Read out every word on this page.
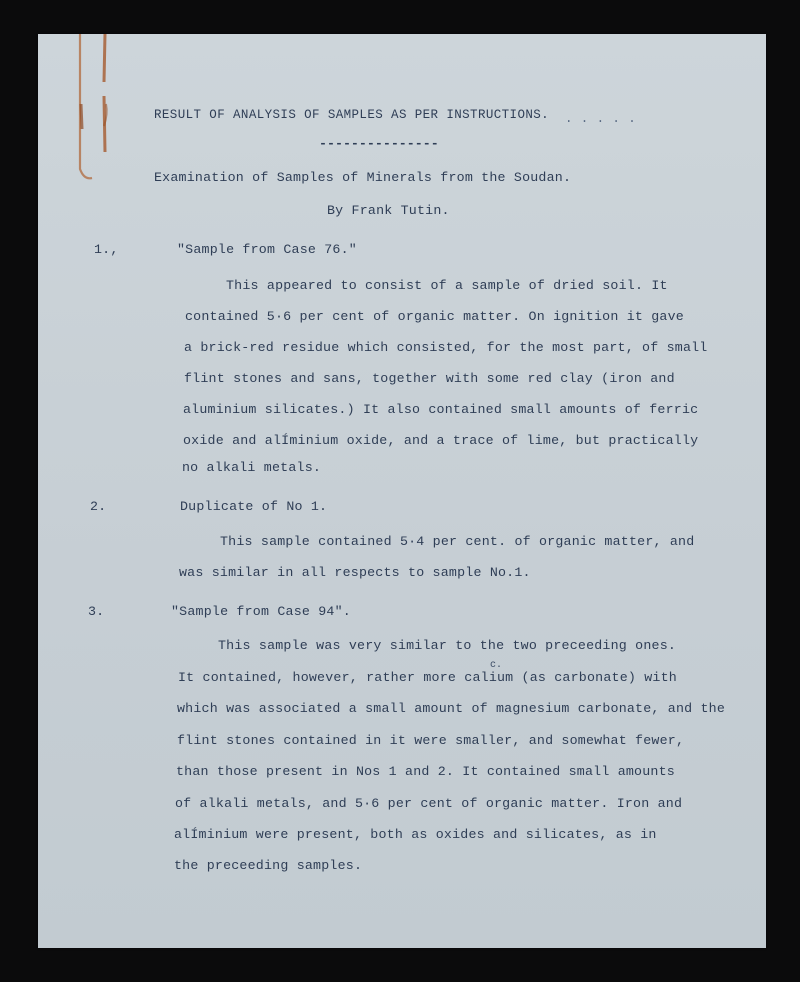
RESULT OF ANALYSIS OF SAMPLES AS PER INSTRUCTIONS. . . . . .
---------------
Examination of Samples of Minerals from the Soudan.
By Frank Tutin.
1.,	"Sample from Case 76."
This appeared to consist of a sample of dried soil. It
contained 5·6 per cent of organic matter. On ignition it gave
a brick-red residue which consisted, for the most part, of small
flint stones and sans, together with some red clay (iron and
aluminium silicates.) It also contained small amounts of ferric
oxide and alÍminium oxide, and a trace of lime, but practically
no alkali metals.
2.	Duplicate of No 1.
This sample contained 5·4 per cent. of organic matter, and
was similar in all respects to sample No.1.
3.	"Sample from Case 94".
This sample was very similar to the two preceeding ones.
It contained, however, rather more calium (as carbonate) with
c.
which was associated a small amount of magnesium carbonate, and the
flint stones contained in it were smaller, and somewhat fewer,
than those present in Nos 1 and 2. It contained small amounts
of alkali metals, and 5·6 per cent of organic matter. Iron and
alÍminium were present, both as oxides and silicates, as in
the preceeding samples.
